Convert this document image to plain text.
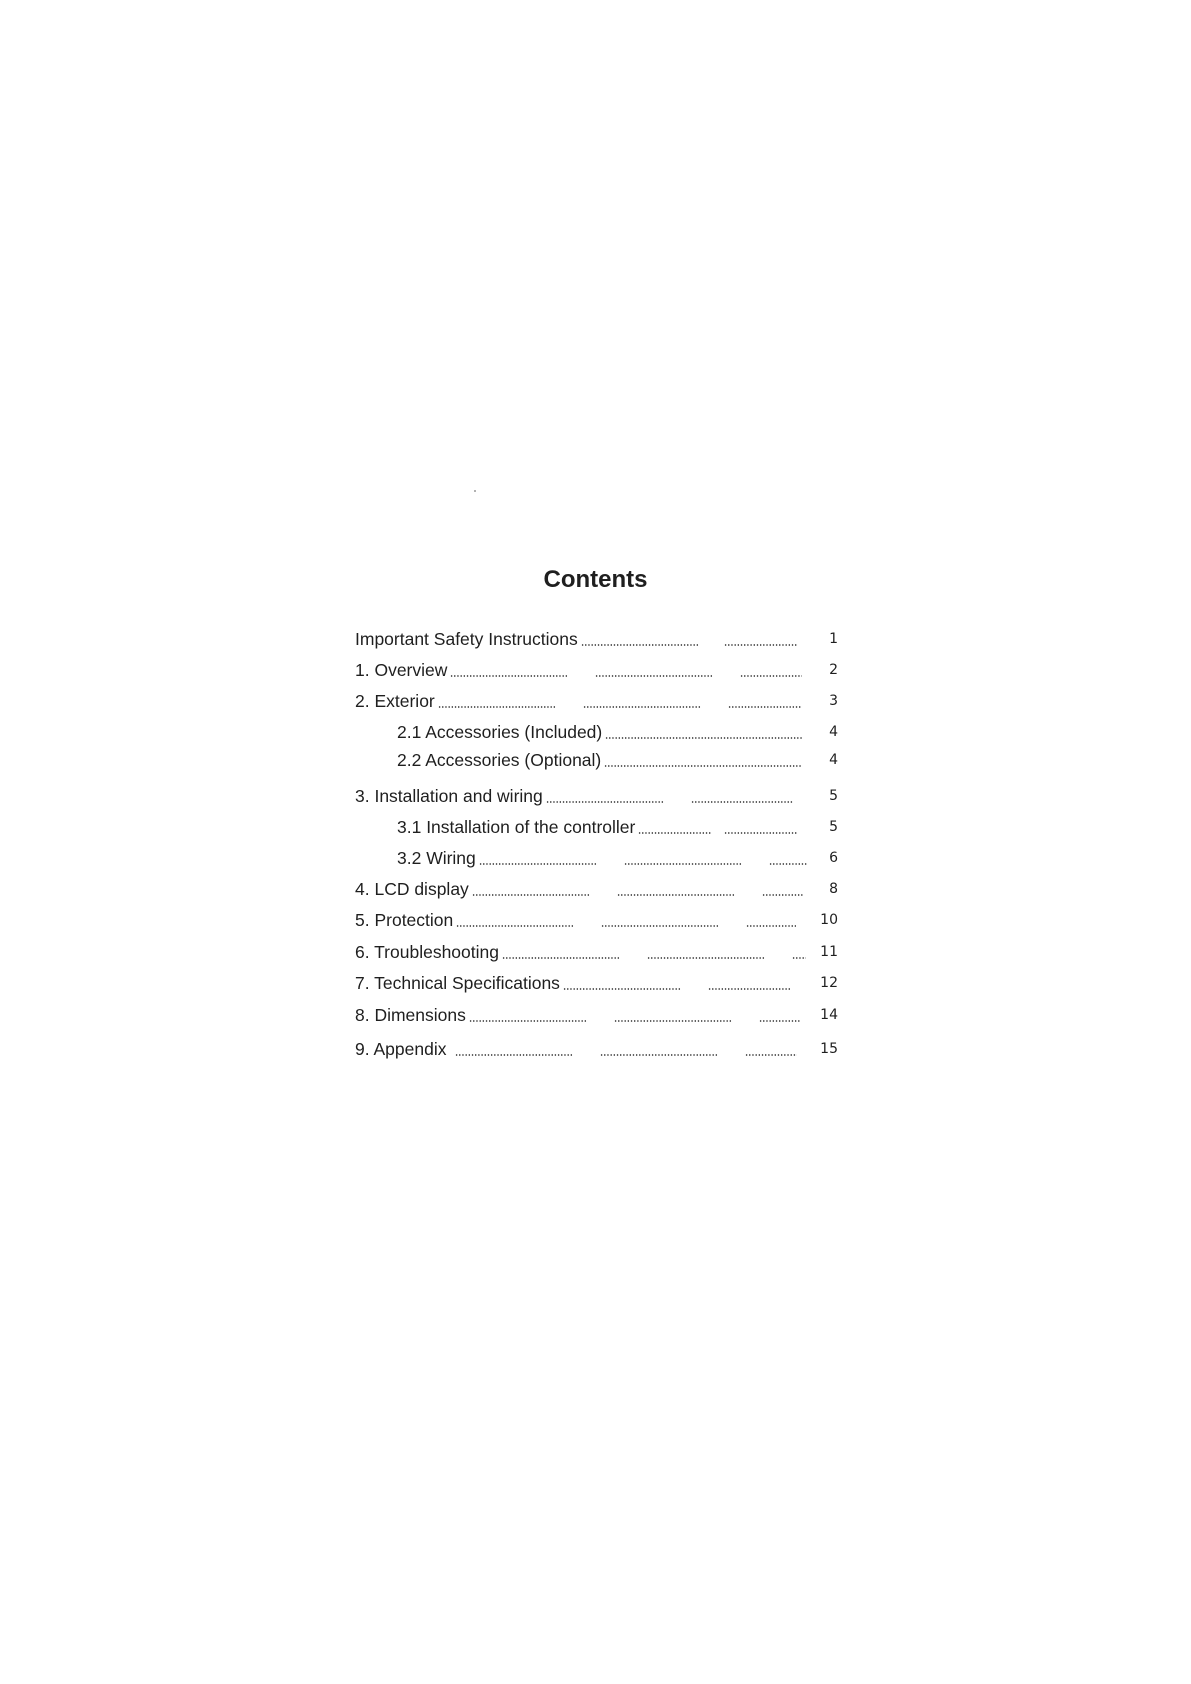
Contents
Important Safety Instructions	1
1. Overview	2
2. Exterior	3
2.1 Accessories (Included)	4
2.2 Accessories (Optional)	4
3. Installation and wiring	5
3.1 Installation of the controller	5
3.2 Wiring	6
4. LCD display	8
5. Protection	10
6. Troubleshooting	11
7. Technical Specifications	12
8. Dimensions	14
9. Appendix	15
